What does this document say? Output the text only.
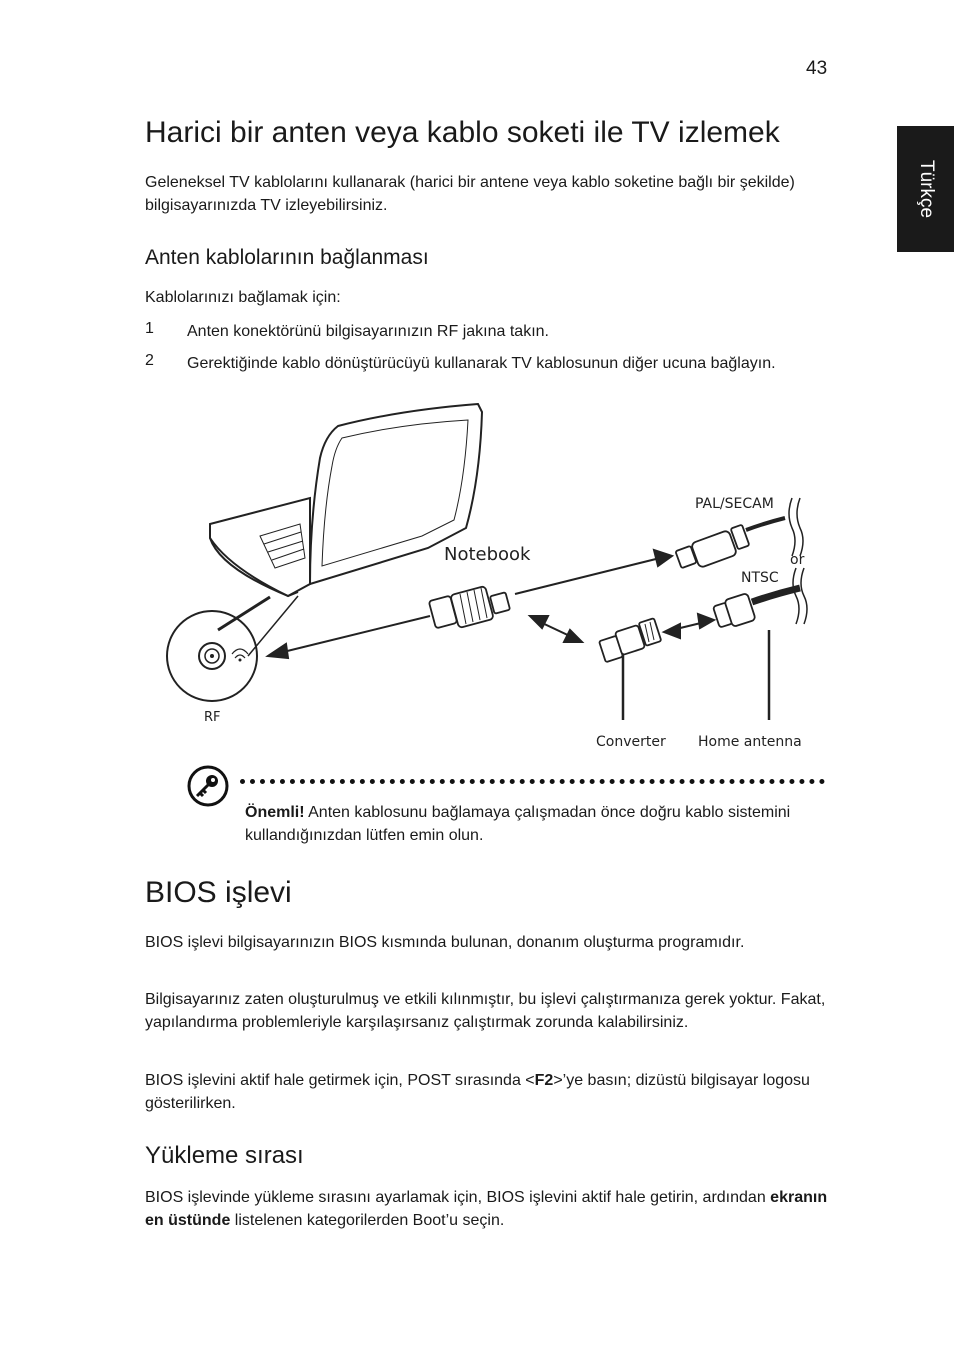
43
Türkçe
Harici bir anten veya kablo soketi ile TV izlemek

Geleneksel TV kablolarını kullanarak (harici bir antene veya kablo soketine bağlı bir şekilde) bilgisayarınızda TV izleyebilirsiniz.

Anten kablolarının bağlanması

Kablolarınızı bağlamak için:

1 Anten konektörünü bilgisayarınızın RF jakına takın.
2 Gerektiğinde kablo dönüştürücüyü kullanarak TV kablosunun diğer ucuna bağlayın.
Notebook
PAL/SECAM
or
NTSC
RF
Converter Home antenna
Önemli! Anten kablosunu bağlamaya çalışmadan önce doğru kablo sistemini kullandığınızdan lütfen emin olun.
BIOS işlevi

BIOS işlevi bilgisayarınızın BIOS kısmında bulunan, donanım oluşturma programıdır.

Bilgisayarınız zaten oluşturulmuş ve etkili kılınmıştır, bu işlevi çalıştırmanıza gerek yoktur. Fakat, yapılandırma problemleriyle karşılaşırsanız çalıştırmak zorunda kalabilirsiniz.

BIOS işlevini aktif hale getirmek için, POST sırasında <F2>’ye basın; dizüstü bilgisayar logosu gösterilirken.

Yükleme sırası

BIOS işlevinde yükleme sırasını ayarlamak için, BIOS işlevini aktif hale getirin, ardından ekranın en üstünde listelenen kategorilerden Boot’u seçin.
